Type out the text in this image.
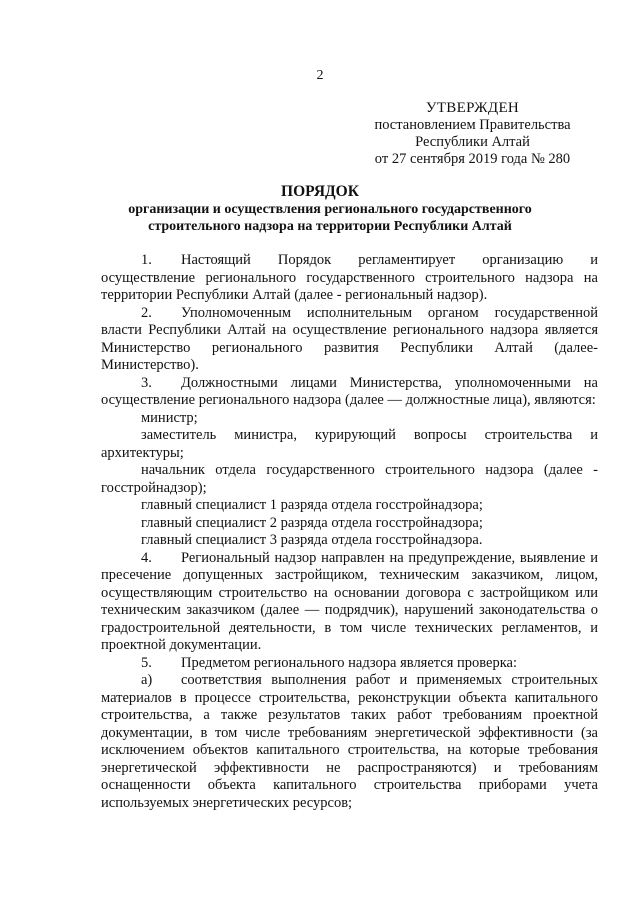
2
УТВЕРЖДЕН
постановлением Правительства
Республики Алтай
от 27 сентября 2019 года № 280
ПОРЯДОК
организации и осуществления регионального государственного строительного надзора на территории Республики Алтай

1. Настоящий Порядок регламентирует организацию и осуществление регионального государственного строительного надзора на территории Республики Алтай (далее - региональный надзор).

2. Уполномоченным исполнительным органом государственной власти Республики Алтай на осуществление регионального надзора является Министерство регионального развития Республики Алтай (далее-Министерство).

3. Должностными лицами Министерства, уполномоченными на осуществление регионального надзора (далее — должностные лица), являются:

министр;

заместитель министра, курирующий вопросы строительства и архитектуры;

начальник отдела государственного строительного надзора (далее - госстройнадзор);

главный специалист 1 разряда отдела госстройнадзора;

главный специалист 2 разряда отдела госстройнадзора;

главный специалист 3 разряда отдела госстройнадзора.

4. Региональный надзор направлен на предупреждение, выявление и пресечение допущенных застройщиком, техническим заказчиком, лицом, осуществляющим строительство на основании договора с застройщиком или техническим заказчиком (далее — подрядчик), нарушений законодательства о градостроительной деятельности, в том числе технических регламентов, и проектной документации.

5. Предметом регионального надзора является проверка:

а) соответствия выполнения работ и применяемых строительных материалов в процессе строительства, реконструкции объекта капитального строительства, а также результатов таких работ требованиям проектной документации, в том числе требованиям энергетической эффективности (за исключением объектов капитального строительства, на которые требования энергетической эффективности не распространяются) и требованиям оснащенности объекта капитального строительства приборами учета используемых энергетических ресурсов;
